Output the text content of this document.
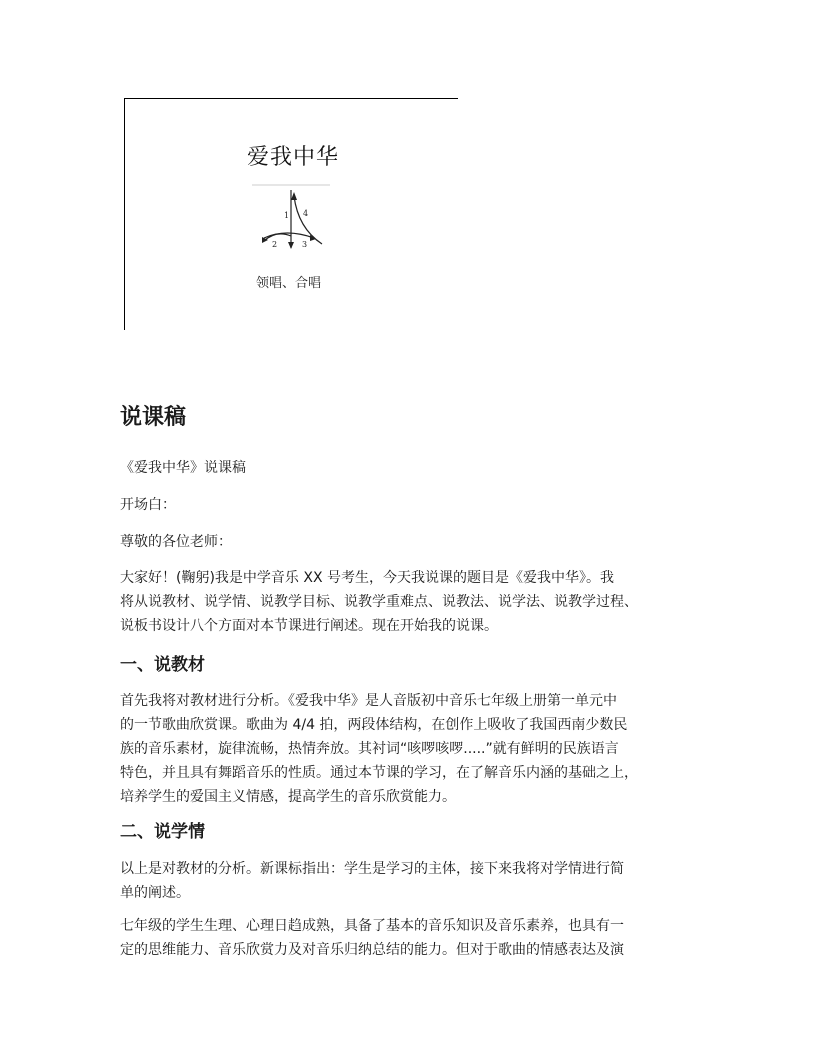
爱我中华
1
2	3
4
领唱、合唱
说课稿

《爱我中华》说课稿

开场白：

尊敬的各位老师：

大家好！(鞠躬)我是中学音乐 XX 号考生，今天我说课的题目是《爱我中华》。我
将从说教材、说学情、说教学目标、说教学重难点、说教法、说学法、说教学过程、
说板书设计八个方面对本节课进行阐述。现在开始我的说课。

一、说教材

首先我将对教材进行分析。《爱我中华》是人音版初中音乐七年级上册第一单元中
的一节歌曲欣赏课。歌曲为 4/4 拍，两段体结构，在创作上吸收了我国西南少数民
族的音乐素材，旋律流畅，热情奔放。其衬词“咳啰咳啰.....”就有鲜明的民族语言
特色，并且具有舞蹈音乐的性质。通过本节课的学习，在了解音乐内涵的基础之上，
培养学生的爱国主义情感，提高学生的音乐欣赏能力。

二、说学情

以上是对教材的分析。新课标指出：学生是学习的主体，接下来我将对学情进行简
单的阐述。

七年级的学生生理、心理日趋成熟，具备了基本的音乐知识及音乐素养，也具有一
定的思维能力、音乐欣赏力及对音乐归纳总结的能力。但对于歌曲的情感表达及演
